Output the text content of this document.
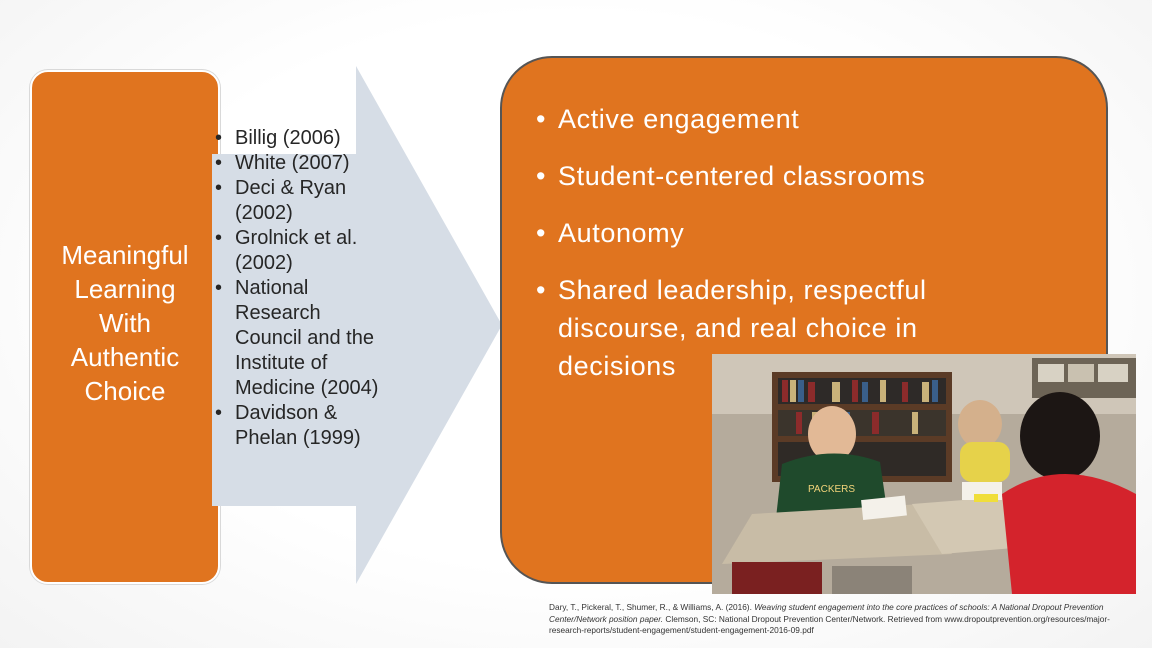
Meaningful
Learning
With
Authentic
Choice
• Billig (2006)
• White (2007)
• Deci & Ryan (2002)
• Grolnick et al. (2002)
• National Research Council and the Institute of Medicine (2004)
• Davidson & Phelan (1999)
• Active engagement
• Student-centered classrooms
• Autonomy
• Shared leadership, respectful discourse, and real choice in decisions
PACKERS
Dary, T., Pickeral, T., Shumer, R., & Williams, A. (2016). Weaving student engagement into the core practices of schools: A National Dropout Prevention Center/Network position paper. Clemson, SC: National Dropout Prevention Center/Network. Retrieved from www.dropoutprevention.org/resources/major-research-reports/student-engagement/student-engagement-2016-09.pdf
